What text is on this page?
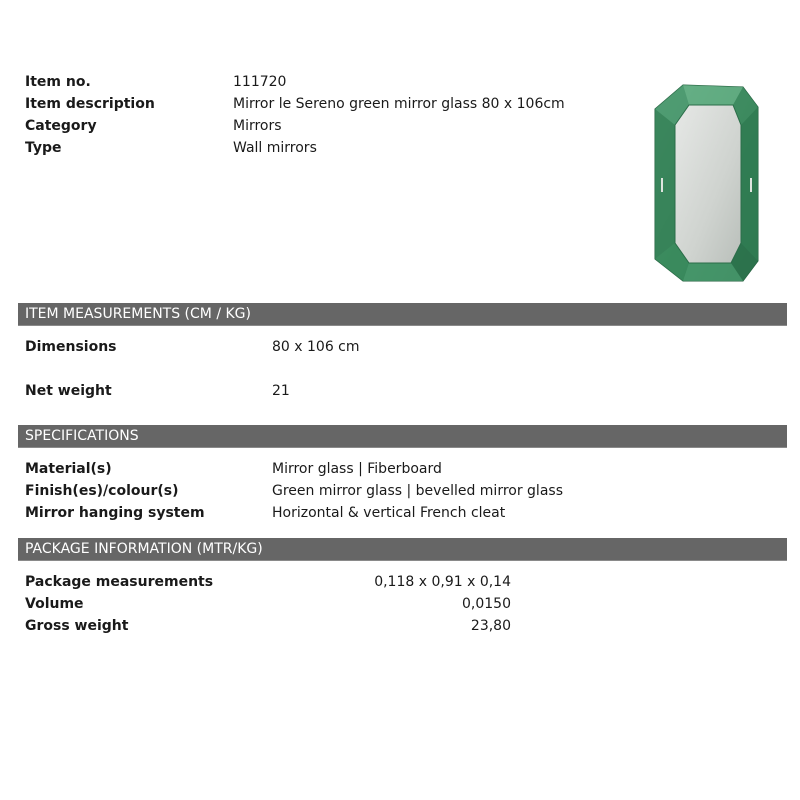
Item no.	111720
Item description	Mirror le Sereno green mirror glass 80 x 106cm
Category	Mirrors
Type	Wall mirrors
ITEM MEASUREMENTS (CM / KG)
Dimensions	80 x 106 cm
Net weight	21
SPECIFICATIONS
Material(s)	Mirror glass | Fiberboard
Finish(es)/colour(s)	Green mirror glass | bevelled mirror glass
Mirror hanging system	Horizontal & vertical French cleat
PACKAGE INFORMATION (MTR/KG)
Package measurements	0,118 x 0,91 x 0,14
Volume	0,0150
Gross weight	23,80
